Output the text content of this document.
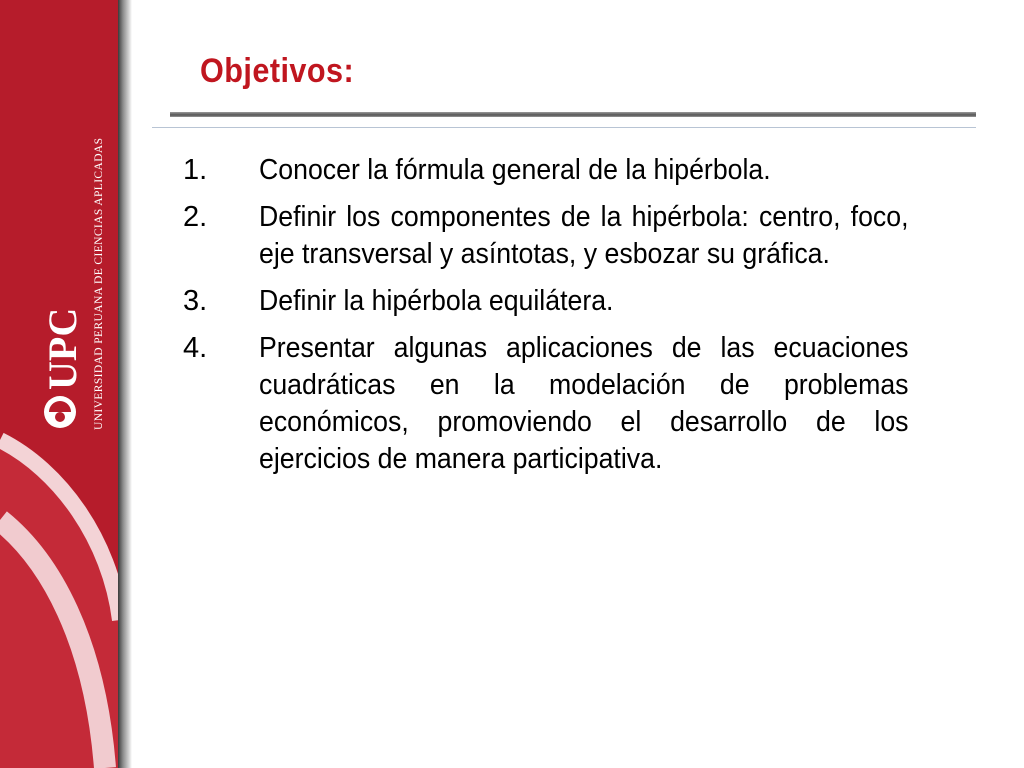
UPC UNIVERSIDAD PERUANA DE CIENCIAS APLICADAS
Objetivos:
1.	Conocer la fórmula general de la hipérbola.
2.	Definir los componentes de la hipérbola: centro, foco, eje transversal y asíntotas, y esbozar su gráfica.
3.	Definir la hipérbola equilátera.
4.	Presentar algunas aplicaciones de las ecuaciones cuadráticas en la modelación de problemas económicos, promoviendo el desarrollo de los ejercicios de manera participativa.
